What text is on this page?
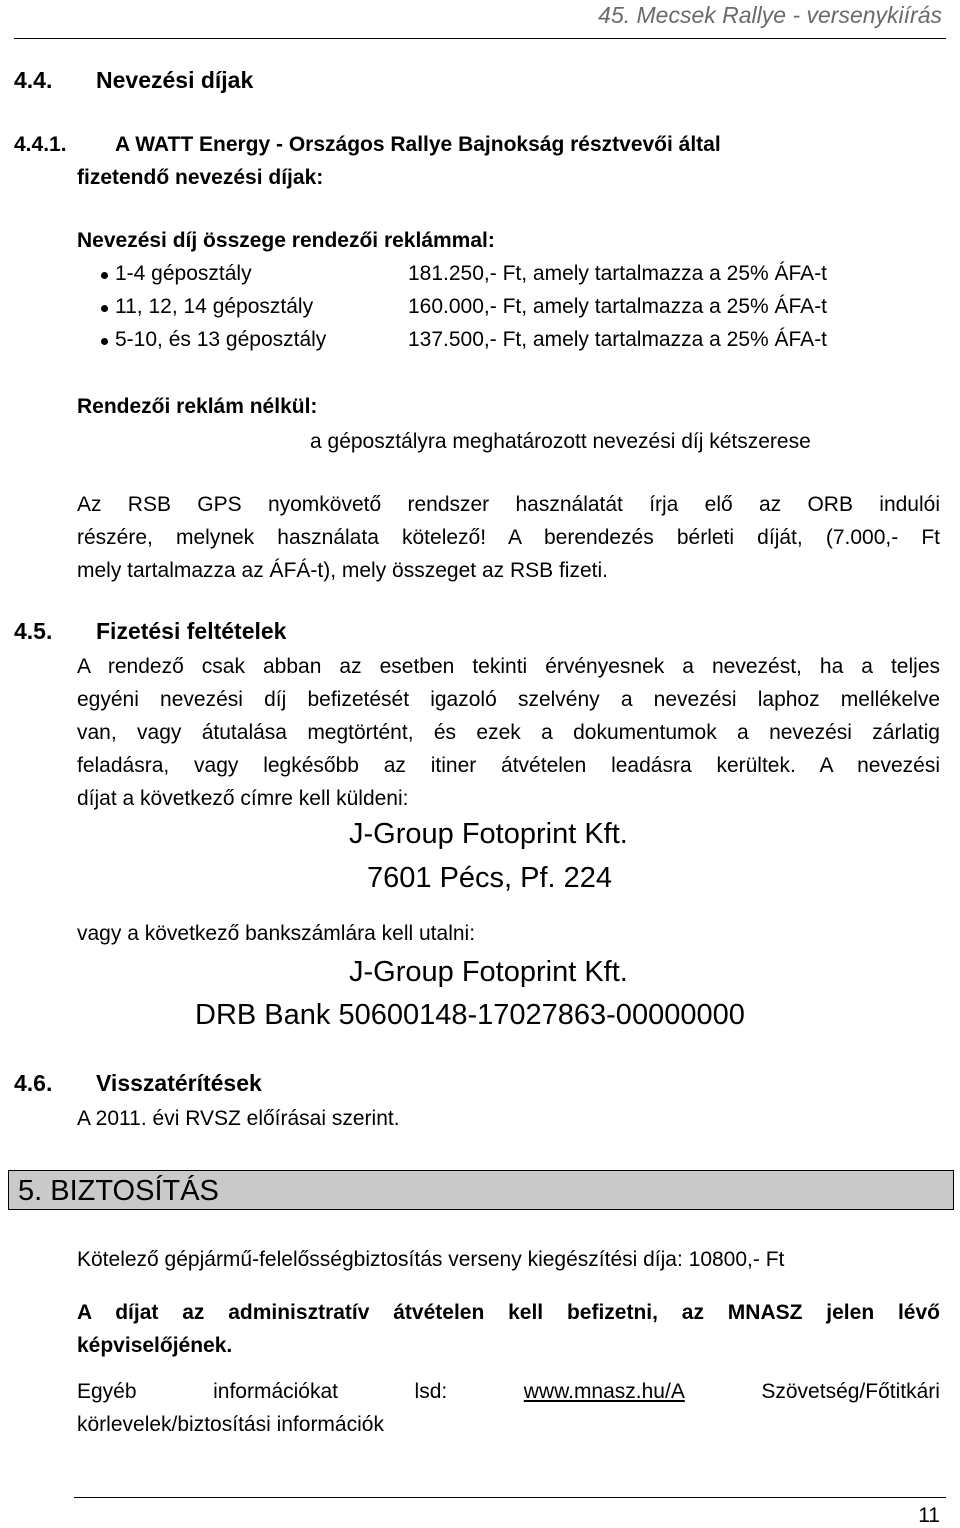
45. Mecsek Rallye - versenykiírás
4.4. Nevezési díjak
4.4.1. A WATT Energy - Országos Rallye Bajnokság résztvevői által
fizetendő nevezési díjak:
Nevezési díj összege rendezői reklámmal:
1-4 géposztály	181.250,- Ft, amely tartalmazza a 25% ÁFA-t
11, 12, 14 géposztály	160.000,- Ft, amely tartalmazza a 25% ÁFA-t
5-10, és 13 géposztály	137.500,- Ft, amely tartalmazza a 25% ÁFA-t
Rendezői reklám nélkül:
a géposztályra meghatározott nevezési díj kétszerese
Az RSB GPS nyomkövető rendszer használatát írja elő az ORB indulói
részére, melynek használata kötelező! A berendezés bérleti díját, (7.000,- Ft
mely tartalmazza az ÁFÁ-t), mely összeget az RSB fizeti.
4.5. Fizetési feltételek
A rendező csak abban az esetben tekinti érvényesnek a nevezést, ha a teljes
egyéni nevezési díj befizetését igazoló szelvény a nevezési laphoz mellékelve
van, vagy átutalása megtörtént, és ezek a dokumentumok a nevezési zárlatig
feladásra, vagy legkésőbb az itiner átvételen leadásra kerültek. A nevezési
díjat a következő címre kell küldeni:
J-Group Fotoprint Kft.
7601 Pécs, Pf. 224
vagy a következő bankszámlára kell utalni:
J-Group Fotoprint Kft.
DRB Bank 50600148-17027863-00000000
4.6. Visszatérítések
A 2011. évi RVSZ előírásai szerint.
5. BIZTOSÍTÁS
Kötelező gépjármű-felelősségbiztosítás verseny kiegészítési díja: 10800,- Ft
A díjat az adminisztratív átvételen kell befizetni, az MNASZ jelen lévő
képviselőjének.
Egyéb	információkat	lsd:	www.mnasz.hu/A	Szövetség/Főtitkári
körlevelek/biztosítási információk
11
